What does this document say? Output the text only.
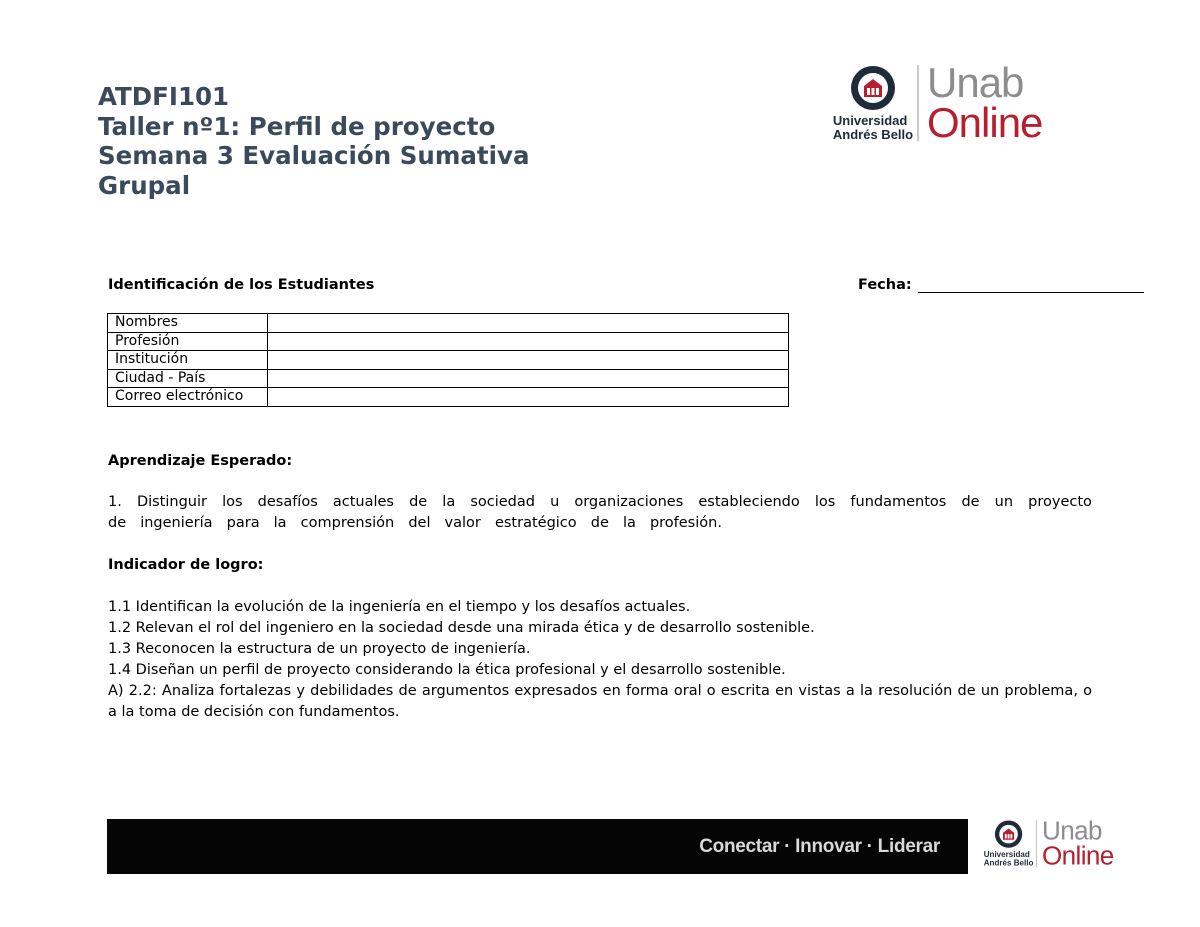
ATDFI101
Taller nº1: Perfil de proyecto
Semana 3 Evaluación Sumativa
Grupal
Universidad
Andrés Bello
Unab
Online
Identificación de los Estudiantes	Fecha:
Nombres	
Profesión	
Institución	
Ciudad - País	
Correo electrónico	
Aprendizaje Esperado:
1. Distinguir los desafíos actuales de la sociedad u organizaciones estableciendo los fundamentos de un proyecto
de ingeniería para la comprensión del valor estratégico de la profesión.
Indicador de logro:
1.1 Identifican la evolución de la ingeniería en el tiempo y los desafíos actuales.
1.2 Relevan el rol del ingeniero en la sociedad desde una mirada ética y de desarrollo sostenible.
1.3 Reconocen la estructura de un proyecto de ingeniería.
1.4 Diseñan un perfil de proyecto considerando la ética profesional y el desarrollo sostenible.
A) 2.2: Analiza fortalezas y debilidades de argumentos expresados en forma oral o escrita en vistas a la resolución de un problema, o a la toma de decisión con fundamentos.
Conectar · Innovar · Liderar	Universidad
Andrés Bello
Unab
Online
